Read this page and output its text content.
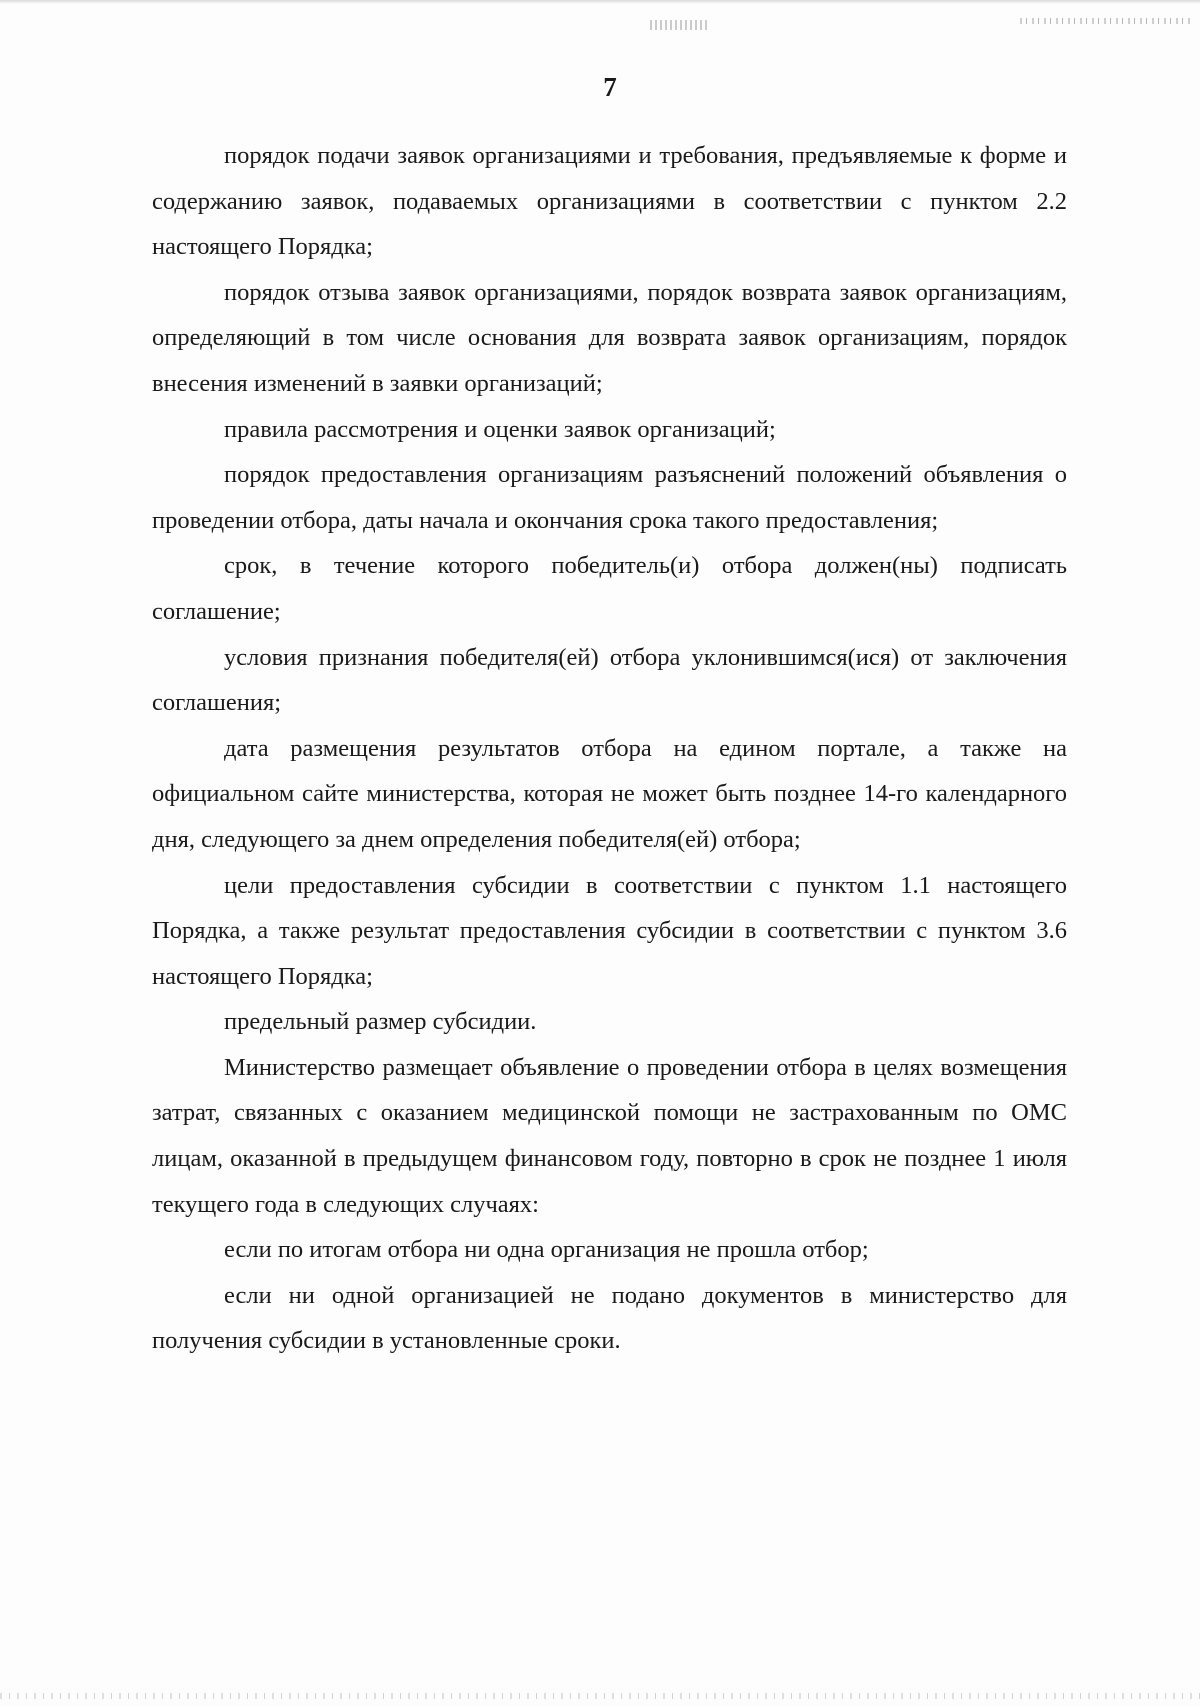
7

порядок подачи заявок организациями и требования, предъявляемые к форме и содержанию заявок, подаваемых организациями в соответствии с пунктом 2.2 настоящего Порядка;

порядок отзыва заявок организациями, порядок возврата заявок организациям, определяющий в том числе основания для возврата заявок организациям, порядок внесения изменений в заявки организаций;

правила рассмотрения и оценки заявок организаций;

порядок предоставления организациям разъяснений положений объявления о проведении отбора, даты начала и окончания срока такого предоставления;

срок, в течение которого победитель(и) отбора должен(ны) подписать соглашение;

условия признания победителя(ей) отбора уклонившимся(ися) от заключения соглашения;

дата размещения результатов отбора на едином портале, а также на официальном сайте министерства, которая не может быть позднее 14-го календарного дня, следующего за днем определения победителя(ей) отбора;

цели предоставления субсидии в соответствии с пунктом 1.1 настоящего Порядка, а также результат предоставления субсидии в соответствии с пунктом 3.6 настоящего Порядка;

предельный размер субсидии.

Министерство размещает объявление о проведении отбора в целях возмещения затрат, связанных с оказанием медицинской помощи не застрахованным по ОМС лицам, оказанной в предыдущем финансовом году, повторно в срок не позднее 1 июля текущего года в следующих случаях:

если по итогам отбора ни одна организация не прошла отбор;

если ни одной организацией не подано документов в министерство для получения субсидии в установленные сроки.
